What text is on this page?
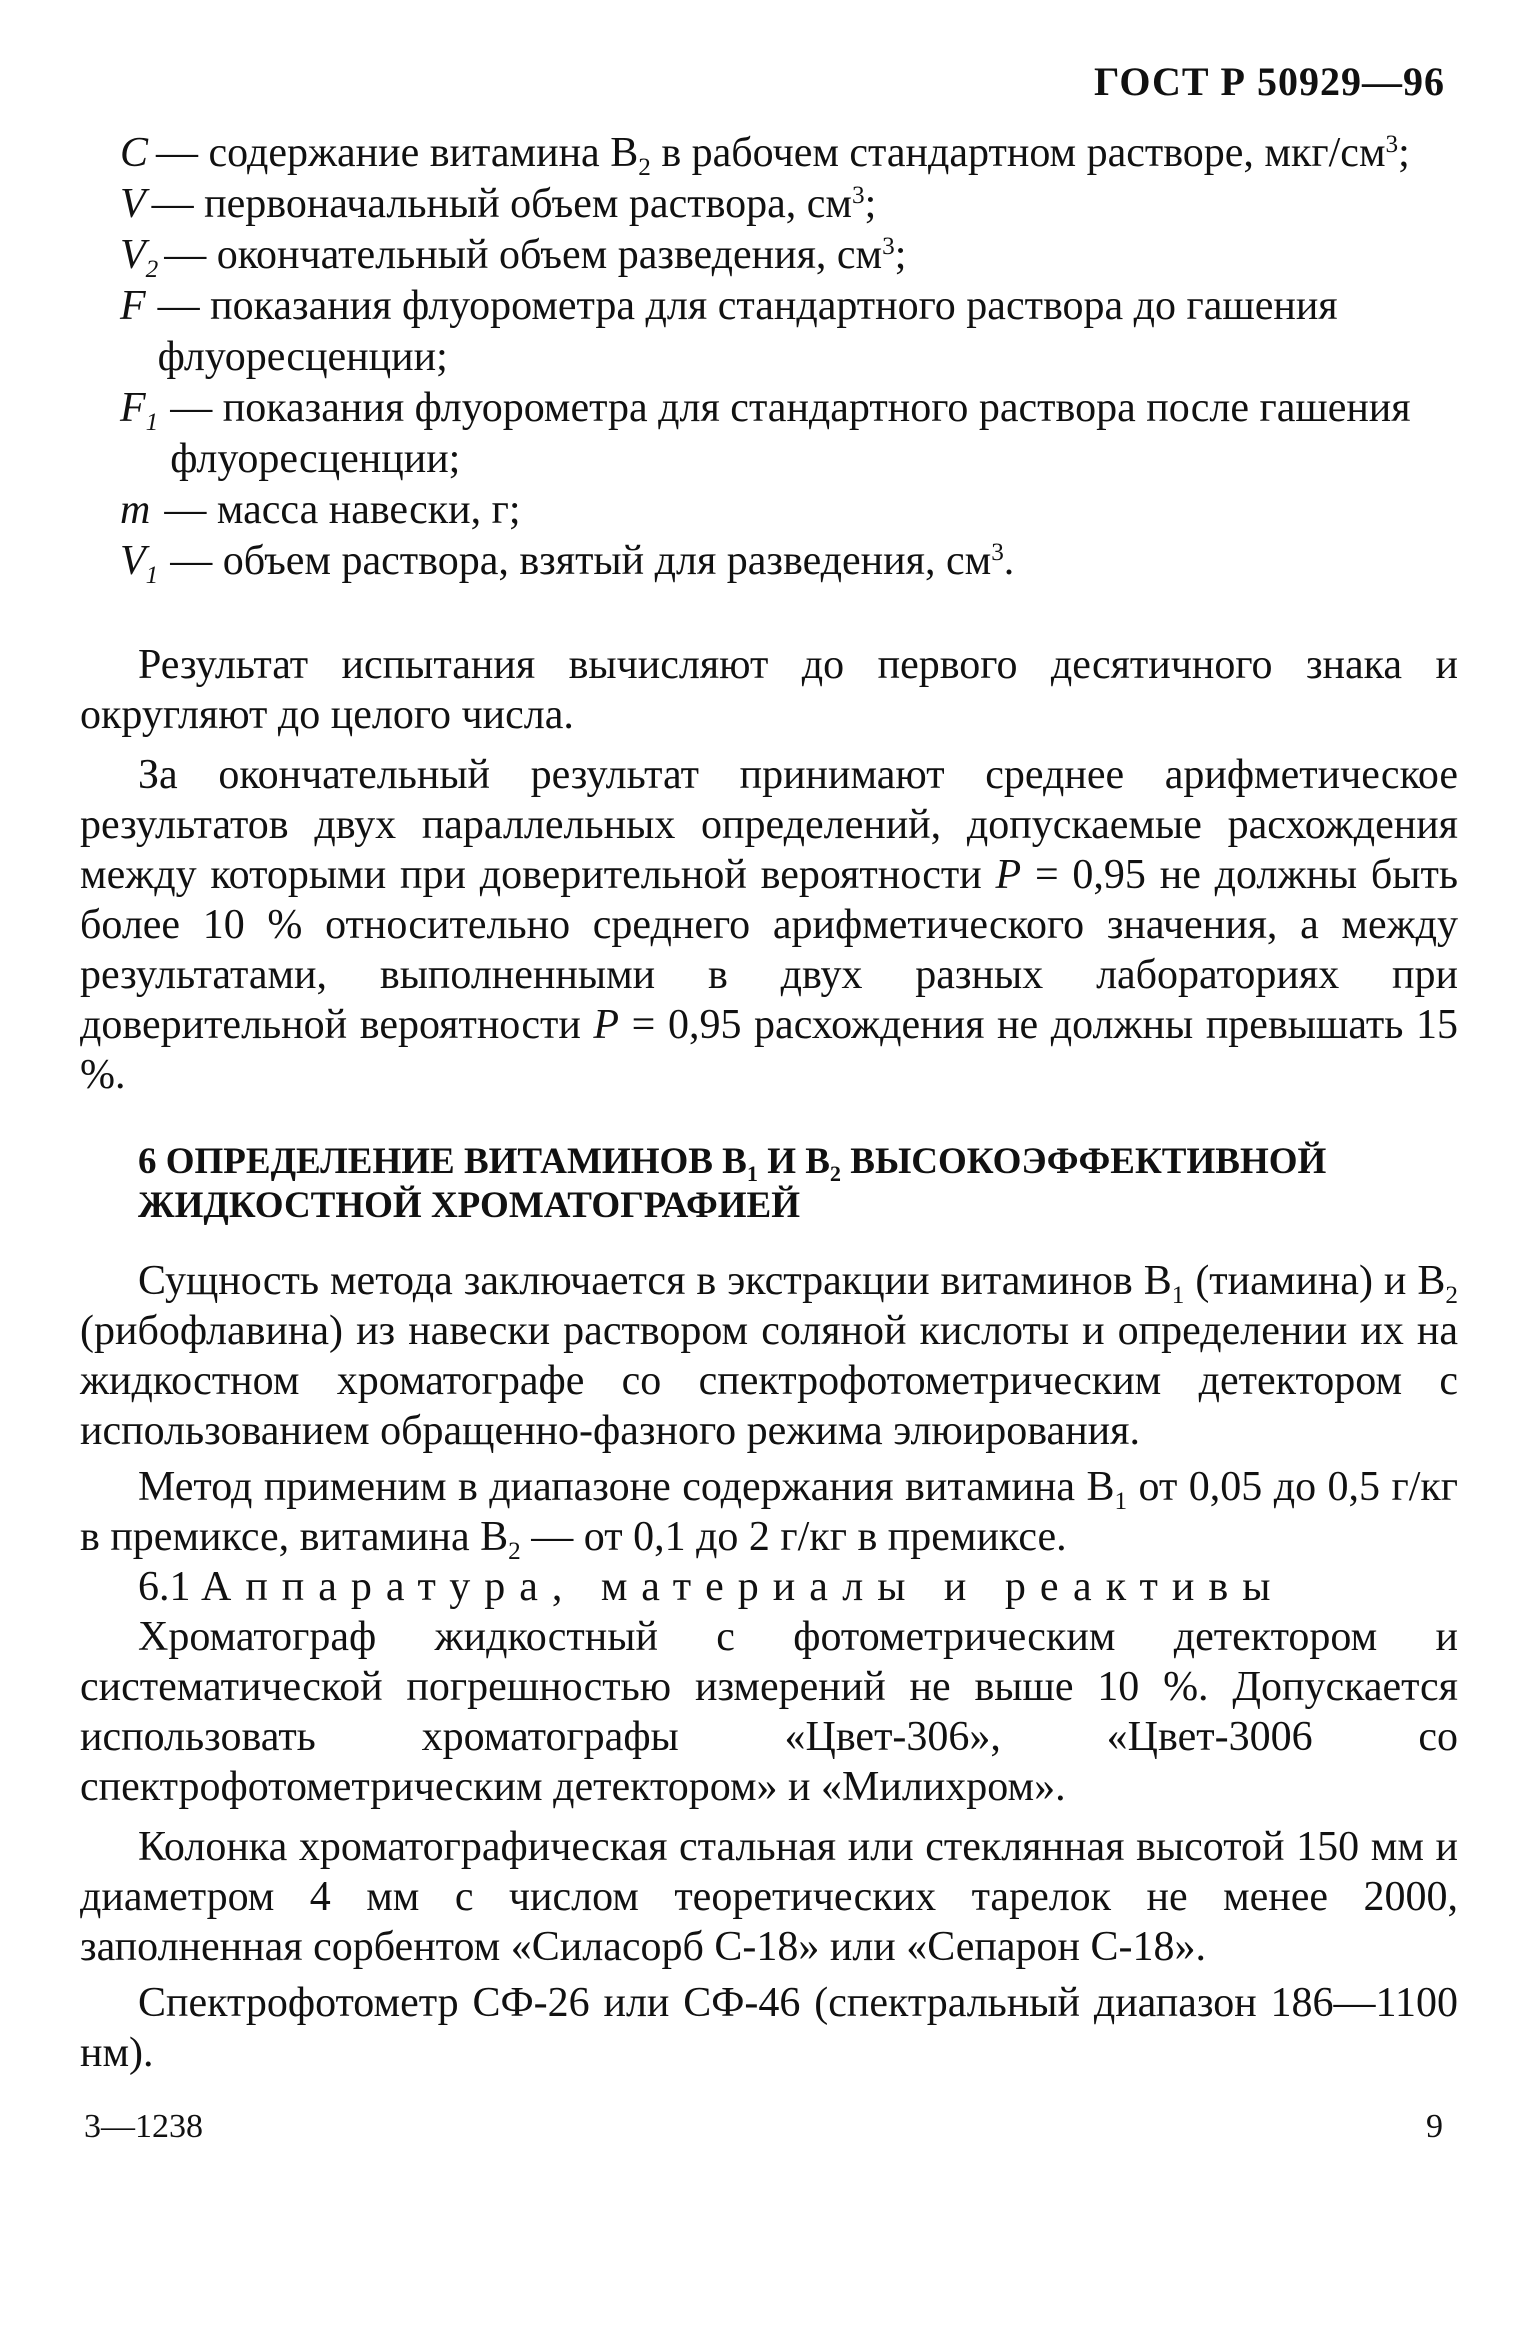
ГОСТ Р 50929—96
C — содержание витамина $B_2$ в рабочем стандартном растворе, мкг/$см^3$;
V — первоначальный объем раствора, $см^3$;
$V_2$ — окончательный объем разведения, $см^3$;
F — показания флуорометра для стандартного раствора до гашения флуоресценции;
$F_1$ — показания флуорометра для стандартного раствора после гашения флуоресценции;
m — масса навески, г;
$V_1$ — объем раствора, взятый для разведения, $см^3$.

Результат испытания вычисляют до первого десятичного знака и округляют до целого числа.

За окончательный результат принимают среднее арифметическое результатов двух параллельных определений, допускаемые расхождения между которыми при доверительной вероятности P = 0,95 не должны быть более 10 % относительно среднего арифметического значения, а между результатами, выполненными в двух разных лабораториях при доверительной вероятности P = 0,95 расхождения не должны превышать 15 %.

6 ОПРЕДЕЛЕНИЕ ВИТАМИНОВ $В_1$ И $В_2$ ВЫСОКОЭФФЕКТИВНОЙ ЖИДКОСТНОЙ ХРОМАТОГРАФИЕЙ

Сущность метода заключается в экстракции витаминов $В_1$ (тиамина) и $В_2$ (рибофлавина) из навески раствором соляной кислоты и определении их на жидкостном хроматографе со спектрофотометрическим детектором с использованием обращенно-фазного режима элюирования.

Метод применим в диапазоне содержания витамина $В_1$ от 0,05 до 0,5 г/кг в премиксе, витамина $В_2$ — от 0,1 до 2 г/кг в премиксе.

6.1 Аппаратура, материалы и реактивы

Хроматограф жидкостный с фотометрическим детектором и систематической погрешностью измерений не выше 10 %. Допускается использовать хроматографы «Цвет-306», «Цвет-3006 со спектрофотометрическим детектором» и «Милихром».

Колонка хроматографическая стальная или стеклянная высотой 150 мм и диаметром 4 мм с числом теоретических тарелок не менее 2000, заполненная сорбентом «Силасорб С-18» или «Сепарон С-18».

Спектрофотометр СФ-26 или СФ-46 (спектральный диапазон 186—1100 нм).

3—1238	9
